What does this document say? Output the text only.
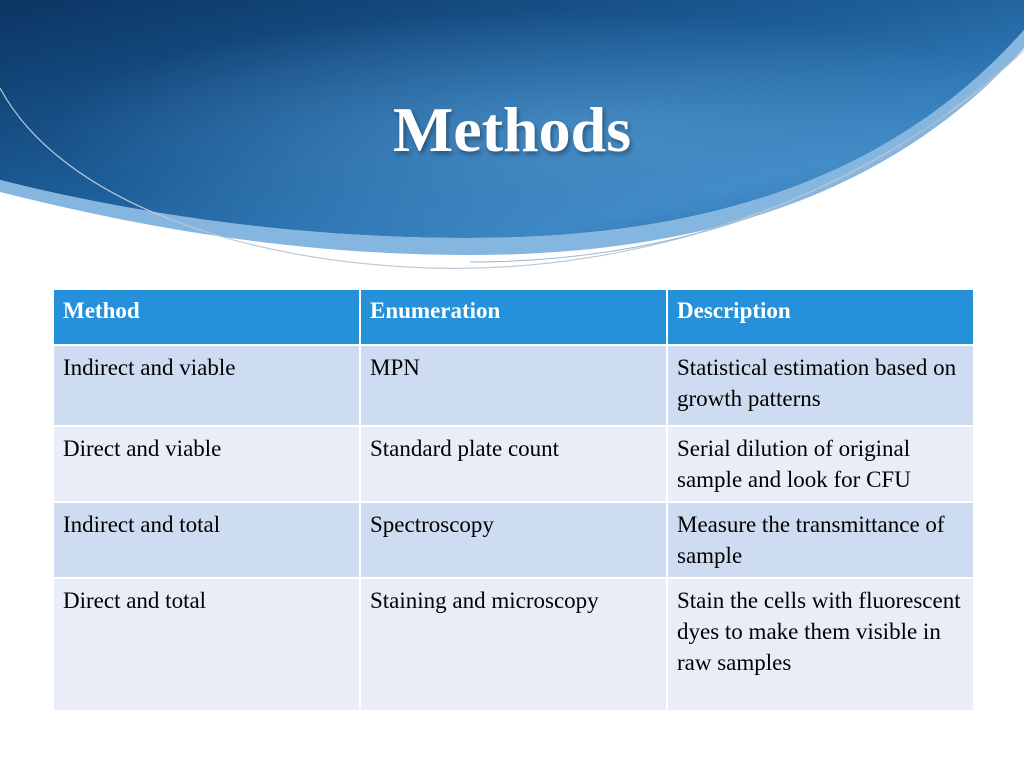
Methods
Method	Enumeration	Description
Indirect and viable	MPN	Statistical estimation based on growth patterns
Direct and viable	Standard plate count	Serial dilution of original sample and look for CFU
Indirect and total	Spectroscopy	Measure the transmittance of sample
Direct and total	Staining and microscopy	Stain the cells with fluorescent dyes to make them visible in raw samples
